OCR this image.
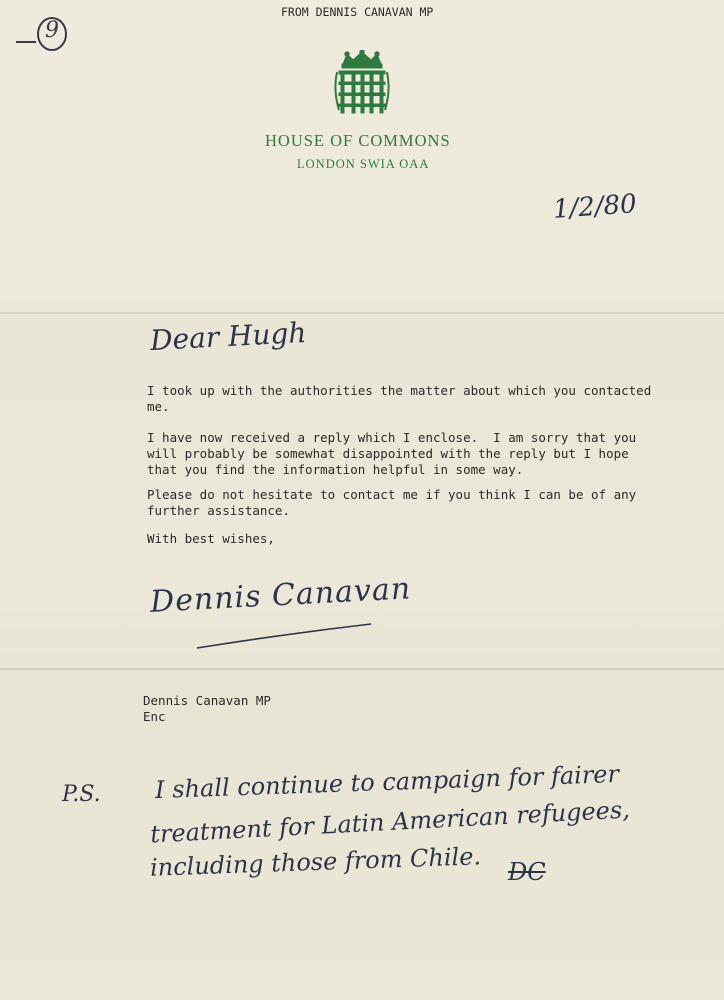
9
FROM DENNIS CANAVAN MP
HOUSE OF COMMONS
LONDON SWIA OAA
1/2/80
Dear Hugh
I took up with the authorities the matter about which you contacted
me.
I have now received a reply which I enclose.  I am sorry that you
will probably be somewhat disappointed with the reply but I hope
that you find the information helpful in some way.
Please do not hesitate to contact me if you think I can be of any
further assistance.
With best wishes,
Dennis Canavan
Dennis Canavan MP
Enc
P.S. I shall continue to campaign for fairer
treatment for Latin American refugees,
including those from Chile. DC
